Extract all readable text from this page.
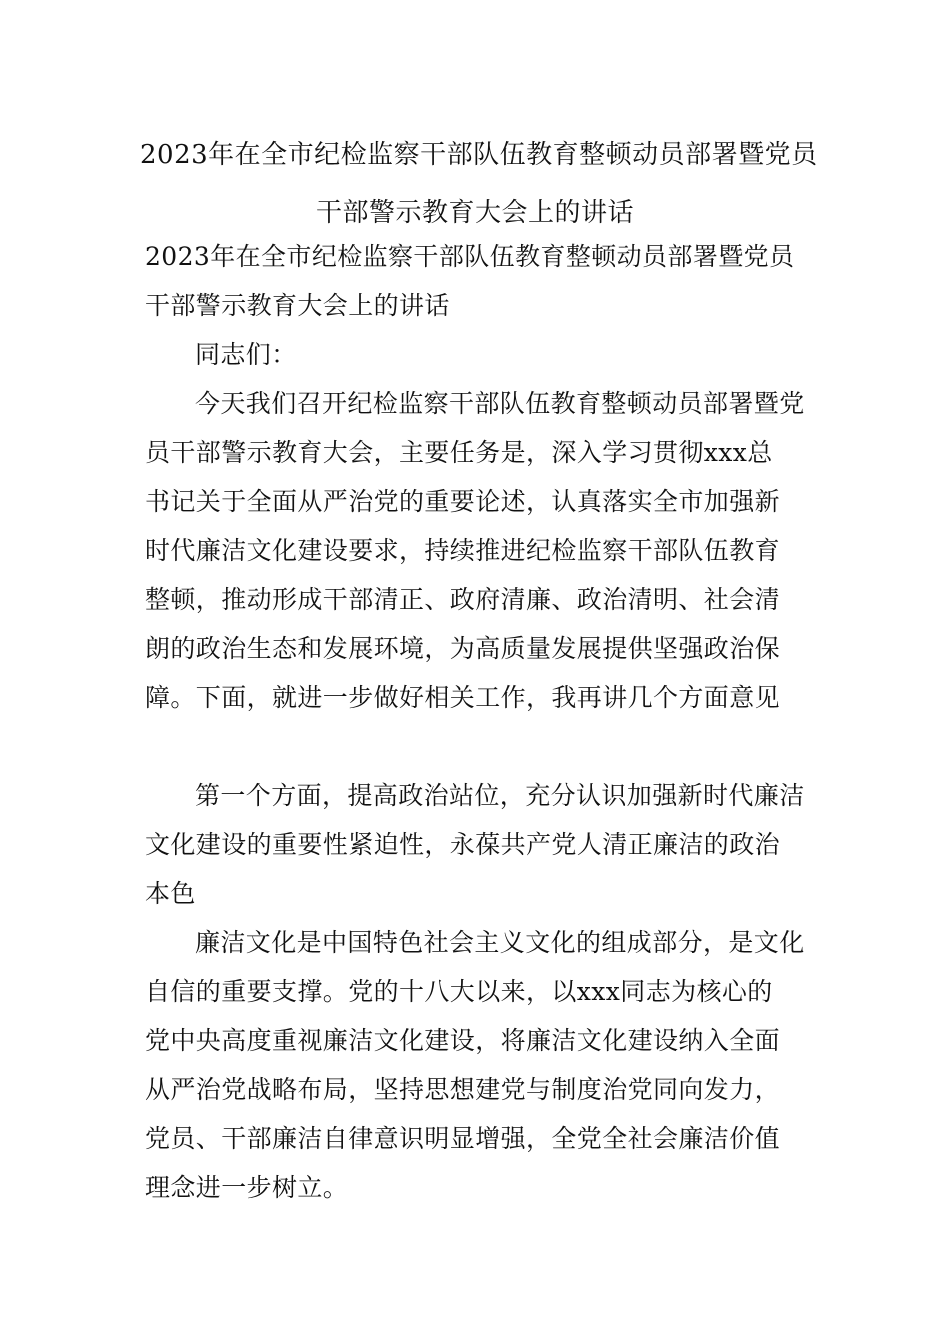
2023年在全市纪检监察干部队伍教育整顿动员部署暨党员
干部警示教育大会上的讲话

2023年在全市纪检监察干部队伍教育整顿动员部署暨党员

干部警示教育大会上的讲话

同志们：

今天我们召开纪检监察干部队伍教育整顿动员部署暨党

员干部警示教育大会，主要任务是，深入学习贯彻xxx总

书记关于全面从严治党的重要论述，认真落实全市加强新

时代廉洁文化建设要求，持续推进纪检监察干部队伍教育

整顿，推动形成干部清正、政府清廉、政治清明、社会清

朗的政治生态和发展环境，为高质量发展提供坚强政治保

障。下面，就进一步做好相关工作，我再讲几个方面意见

第一个方面，提高政治站位，充分认识加强新时代廉洁

文化建设的重要性紧迫性，永葆共产党人清正廉洁的政治

本色

廉洁文化是中国特色社会主义文化的组成部分，是文化

自信的重要支撑。党的十八大以来，以xxx同志为核心的

党中央高度重视廉洁文化建设，将廉洁文化建设纳入全面

从严治党战略布局，坚持思想建党与制度治党同向发力，

党员、干部廉洁自律意识明显增强，全党全社会廉洁价值

理念进一步树立。
